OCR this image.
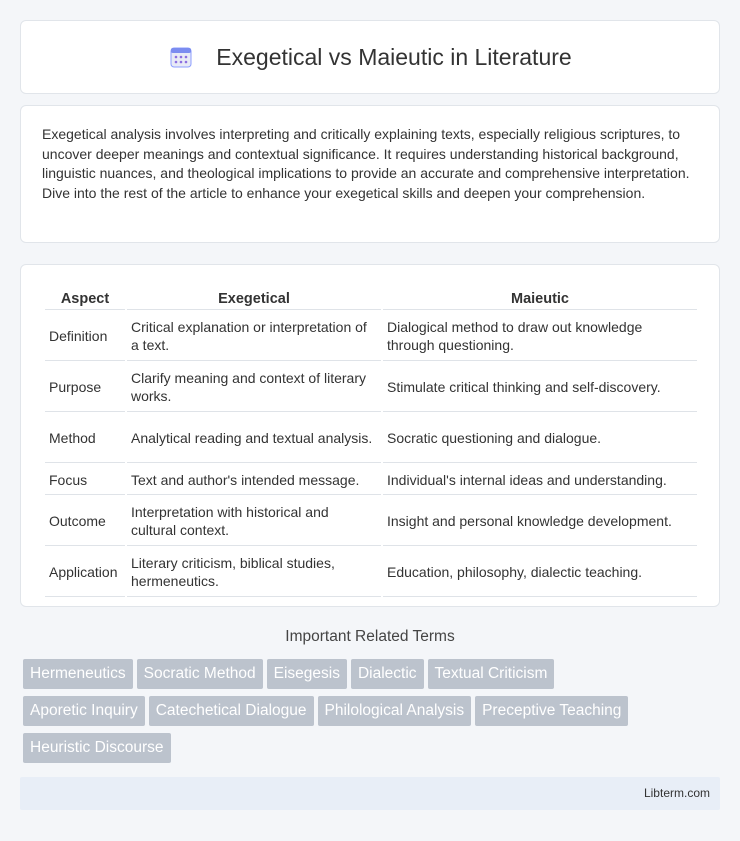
Exegetical vs Maieutic in Literature

Exegetical analysis involves interpreting and critically explaining texts, especially religious scriptures, to uncover deeper meanings and contextual significance. It requires understanding historical background, linguistic nuances, and theological implications to provide an accurate and comprehensive interpretation. Dive into the rest of the article to enhance your exegetical skills and deepen your comprehension.

Aspect	Exegetical	Maieutic
Definition	Critical explanation or interpretation of a text.	Dialogical method to draw out knowledge through questioning.
Purpose	Clarify meaning and context of literary works.	Stimulate critical thinking and self-discovery.
Method	Analytical reading and textual analysis.	Socratic questioning and dialogue.
Focus	Text and author's intended message.	Individual's internal ideas and understanding.
Outcome	Interpretation with historical and cultural context.	Insight and personal knowledge development.
Application	Literary criticism, biblical studies, hermeneutics.	Education, philosophy, dialectic teaching.
Important Related Terms
Hermeneutics Socratic Method Eisegesis Dialectic Textual Criticism
Aporetic Inquiry Catechetical Dialogue Philological Analysis Preceptive Teaching
Heuristic Discourse
Libterm.com
